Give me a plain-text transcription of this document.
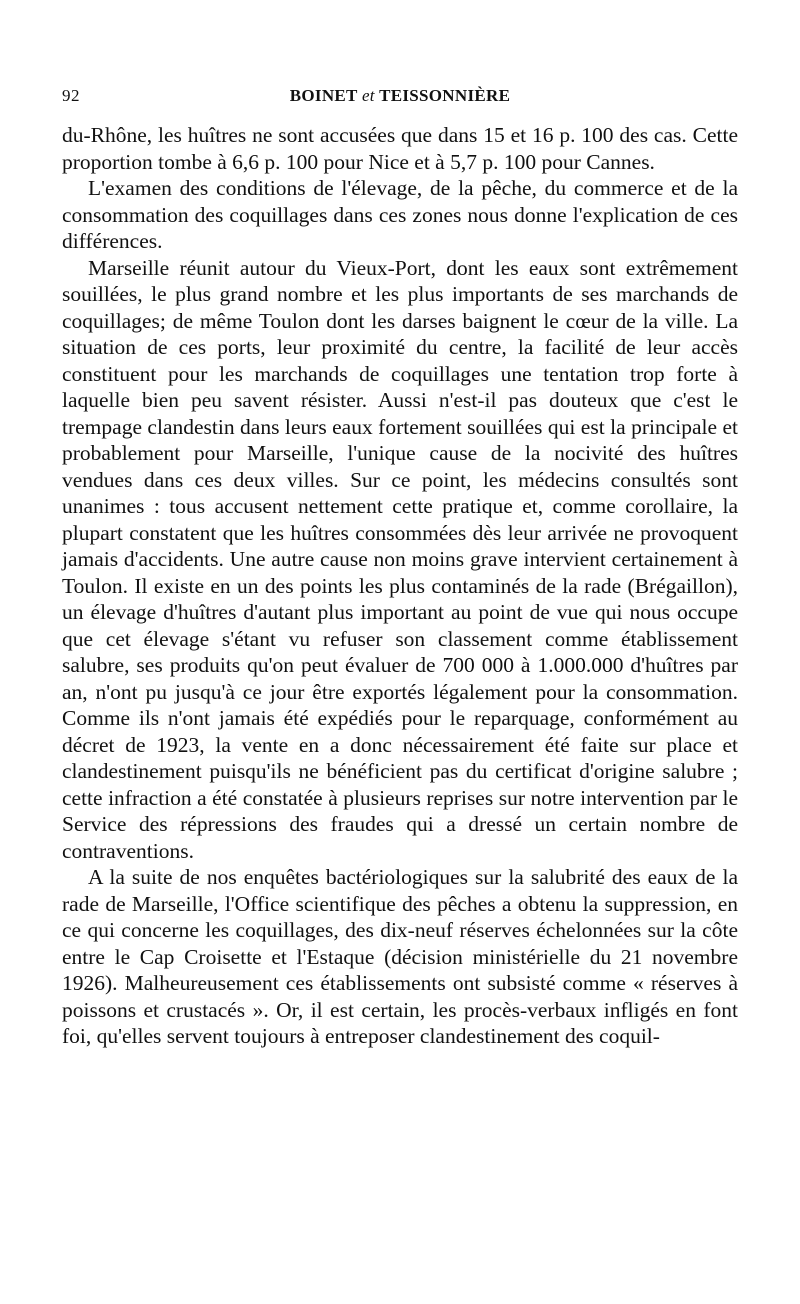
92	BOINET et TEISSONNIÈRE

du-Rhône, les huîtres ne sont accusées que dans 15 et 16 p. 100 des cas. Cette proportion tombe à 6,6 p. 100 pour Nice et à 5,7 p. 100 pour Cannes.

L'examen des conditions de l'élevage, de la pêche, du commerce et de la consommation des coquillages dans ces zones nous donne l'explication de ces différences.

Marseille réunit autour du Vieux-Port, dont les eaux sont extrêmement souillées, le plus grand nombre et les plus importants de ses marchands de coquillages; de même Toulon dont les darses baignent le cœur de la ville. La situation de ces ports, leur proximité du centre, la facilité de leur accès constituent pour les marchands de coquillages une tentation trop forte à laquelle bien peu savent résister. Aussi n'est-il pas douteux que c'est le trempage clandestin dans leurs eaux fortement souillées qui est la principale et probablement pour Marseille, l'unique cause de la nocivité des huîtres vendues dans ces deux villes. Sur ce point, les médecins consultés sont unanimes : tous accusent nettement cette pratique et, comme corollaire, la plupart constatent que les huîtres consommées dès leur arrivée ne provoquent jamais d'accidents. Une autre cause non moins grave intervient certainement à Toulon. Il existe en un des points les plus contaminés de la rade (Brégaillon), un élevage d'huîtres d'autant plus important au point de vue qui nous occupe que cet élevage s'étant vu refuser son classement comme établissement salubre, ses produits qu'on peut évaluer de 700 000 à 1.000.000 d'huîtres par an, n'ont pu jusqu'à ce jour être exportés légalement pour la consommation. Comme ils n'ont jamais été expédiés pour le reparquage, conformément au décret de 1923, la vente en a donc nécessairement été faite sur place et clandestinement puisqu'ils ne bénéficient pas du certificat d'origine salubre ; cette infraction a été constatée à plusieurs reprises sur notre intervention par le Service des répressions des fraudes qui a dressé un certain nombre de contraventions.

A la suite de nos enquêtes bactériologiques sur la salubrité des eaux de la rade de Marseille, l'Office scientifique des pêches a obtenu la suppression, en ce qui concerne les coquillages, des dix-neuf réserves échelonnées sur la côte entre le Cap Croisette et l'Estaque (décision ministérielle du 21 novembre 1926). Malheureusement ces établissements ont subsisté comme « réserves à poissons et crustacés ». Or, il est certain, les procès-verbaux infligés en font foi, qu'elles servent toujours à entreposer clandestinement des coquil-
